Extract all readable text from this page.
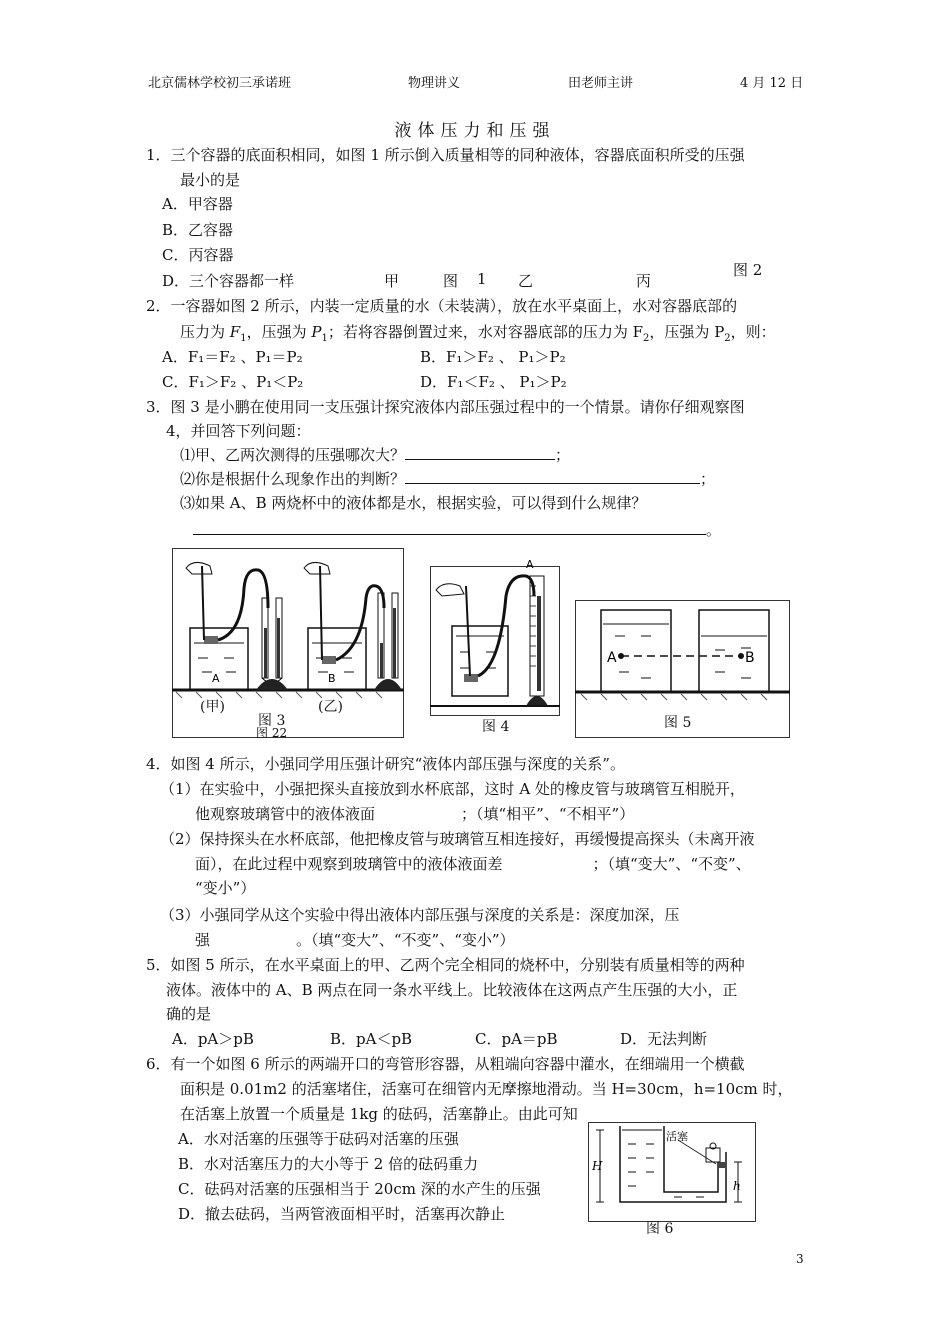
北京儒林学校初三承诺班	物理讲义	田老师主讲	4 月 12 日
液体压力和压强
1．三个容器的底面积相同，如图 1 所示倒入质量相等的同种液体，容器底面积所受的压强
最小的是
A．甲容器
B．乙容器
C．丙容器
D．三个容器都一样	甲	图 1 乙	丙
图 2
2．一容器如图 2 所示，内装一定质量的水（未装满），放在水平桌面上，水对容器底部的
压力为 $F_1$，压强为 $P_1$；若将容器倒置过来，水对容器底部的压力为 $F_2$，压强为 $P_2$，则：
A．F₁＝F₂ 、P₁＝P₂	B．F₁＞F₂ 、 P₁＞P₂
C．F₁＞F₂ 、P₁＜P₂	D．F₁＜F₂ 、 P₁＞P₂
3．图 3 是小鹏在使用同一支压强计探究液体内部压强过程中的一个情景。请你仔细观察图
4，并回答下列问题：
⑴甲、乙两次测得的压强哪次大？	；
⑵你是根据什么现象作出的判断？	；
⑶如果 A、B 两烧杯中的液体都是水，根据实验，可以得到什么规律？
。
A	B
(甲)	(乙)
图 3
图 22
A
图 4
A	B
图 5
4．如图 4 所示，小强同学用压强计研究“液体内部压强与深度的关系”。
（1）在实验中，小强把探头直接放到水杯底部，这时 A 处的橡皮管与玻璃管互相脱开，
他观察玻璃管中的液体液面	；（填“相平”、“不相平”）
（2）保持探头在水杯底部，他把橡皮管与玻璃管互相连接好，再缓慢提高探头（未离开液
面），在此过程中观察到玻璃管中的液体液面差	；（填“变大”、“不变”、
“变小”）
（3）小强同学从这个实验中得出液体内部压强与深度的关系是：深度加深，压
强	。（填“变大”、“不变”、“变小”）
5．如图 5 所示，在水平桌面上的甲、乙两个完全相同的烧杯中，分别装有质量相等的两种
液体。液体中的 A、B 两点在同一条水平线上。比较液体在这两点产生压强的大小，正
确的是
A．pA＞pB	B．pA＜pB	C．pA＝pB	D．无法判断
6．有一个如图 6 所示的两端开口的弯管形容器，从粗端向容器中灌水，在细端用一个横截
面积是 0.01m2 的活塞堵住，活塞可在细管内无摩擦地滑动。当 H=30cm，h=10cm 时，
在活塞上放置一个质量是 1kg 的砝码，活塞静止。由此可知
A．水对活塞的压强等于砝码对活塞的压强
B．水对活塞压力的大小等于 2 倍的砝码重力
C．砝码对活塞的压强相当于 20cm 深的水产生的压强
D．撤去砝码，当两管液面相平时，活塞再次静止
活塞
H
h
图 6
3
